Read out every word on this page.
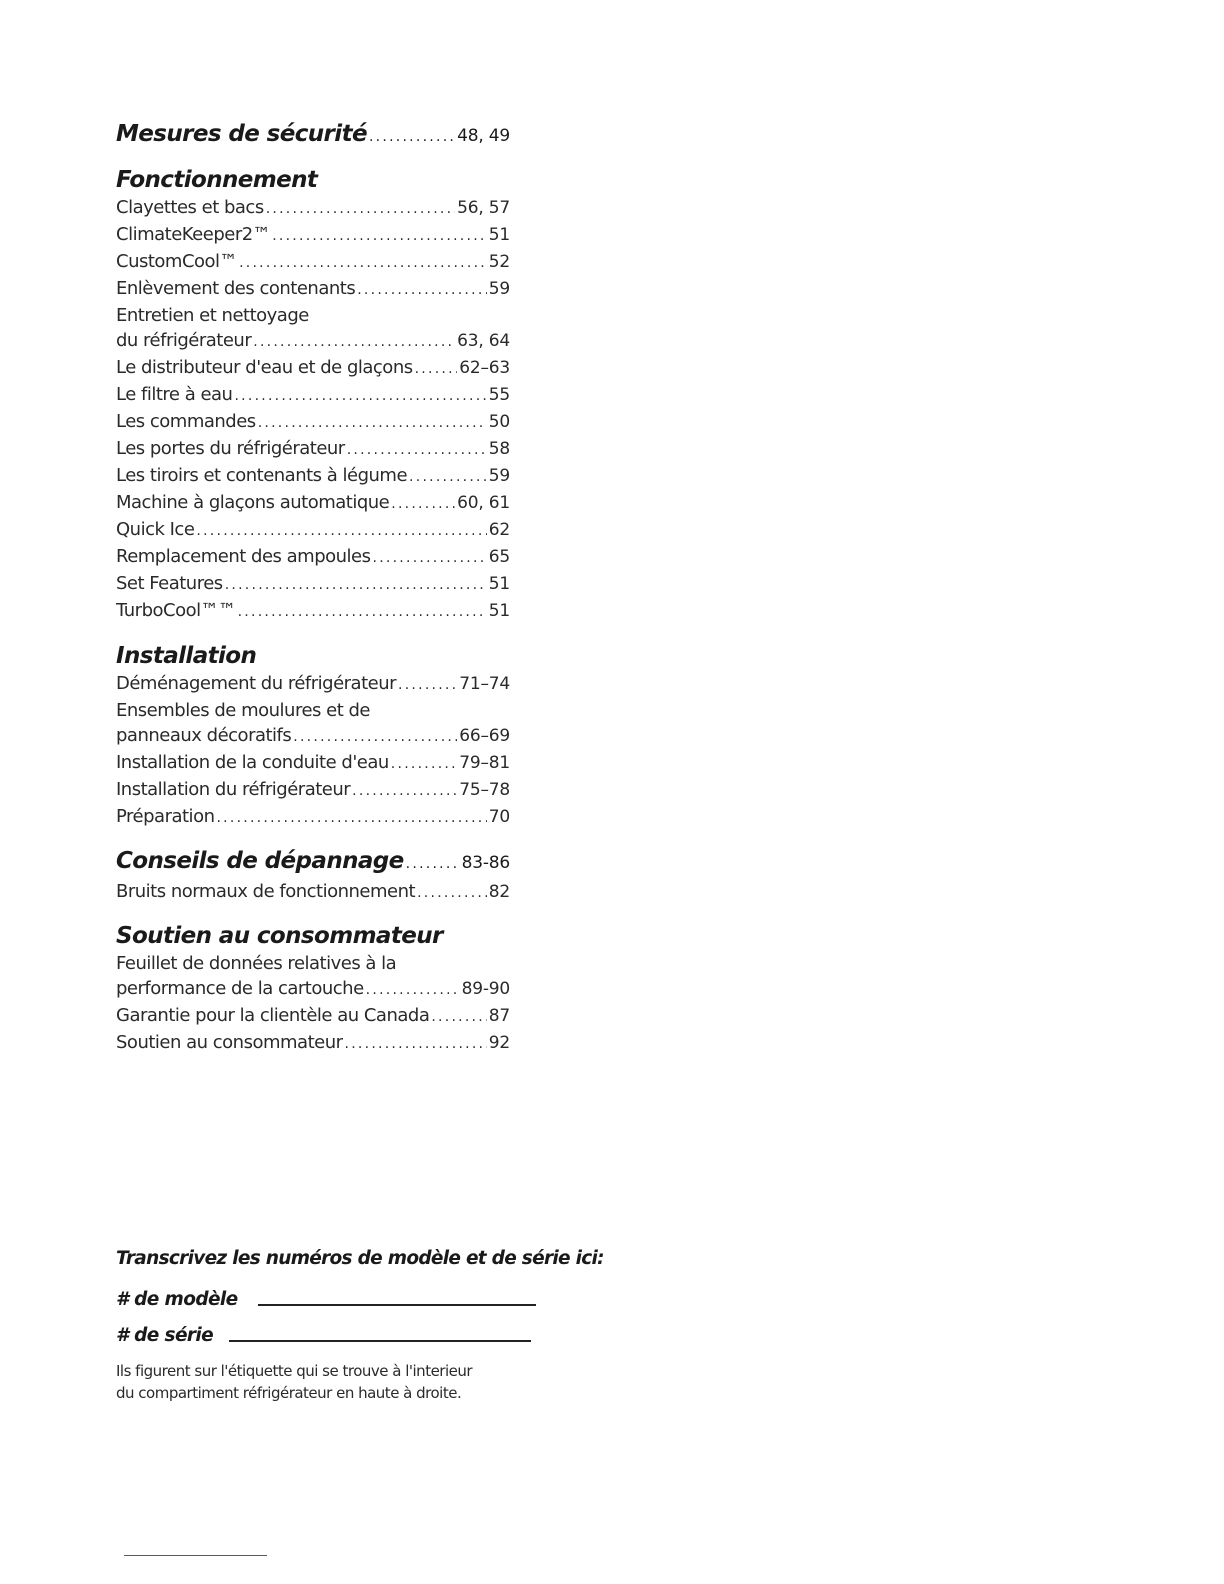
Mesures de sécurité . . .	48, 49
Fonctionnement
Clayettes et bacs . . .	56, 57
ClimateKeeper2™ . . .	51
CustomCool™ . . .	52
Enlèvement des contenants . . .	59
Entretien et nettoyage
du réfrigérateur . . .	63, 64
Le distributeur d'eau et de glaçons . . .	62–63
Le filtre à eau . . .	55
Les commandes . . .	50
Les portes du réfrigérateur . . .	58
Les tiroirs et contenants à légume . . .	59
Machine à glaçons automatique . . .	60, 61
Quick Ice . . .	62
Remplacement des ampoules . . .	65
Set Features . . .	51
TurboCool™™ . . .	51
Installation
Déménagement du réfrigérateur . . .	71–74
Ensembles de moulures et de
panneaux décoratifs . . .	66–69
Installation de la conduite d'eau . . .	79–81
Installation du réfrigérateur . . .	75–78
Préparation . . .	70
Conseils de dépannage . . .	83-86
Bruits normaux de fonctionnement . . .	82
Soutien au consommateur
Feuillet de données relatives à la
performance de la cartouche . . .	89-90
Garantie pour la clientèle au Canada . . .	87
Soutien au consommateur . . .	92
Transcrivez les numéros de modèle et de série ici:
# de modèle
# de série
Ils figurent sur l'étiquette qui se trouve à l'interieur
du compartiment réfrigérateur en haute à droite.
